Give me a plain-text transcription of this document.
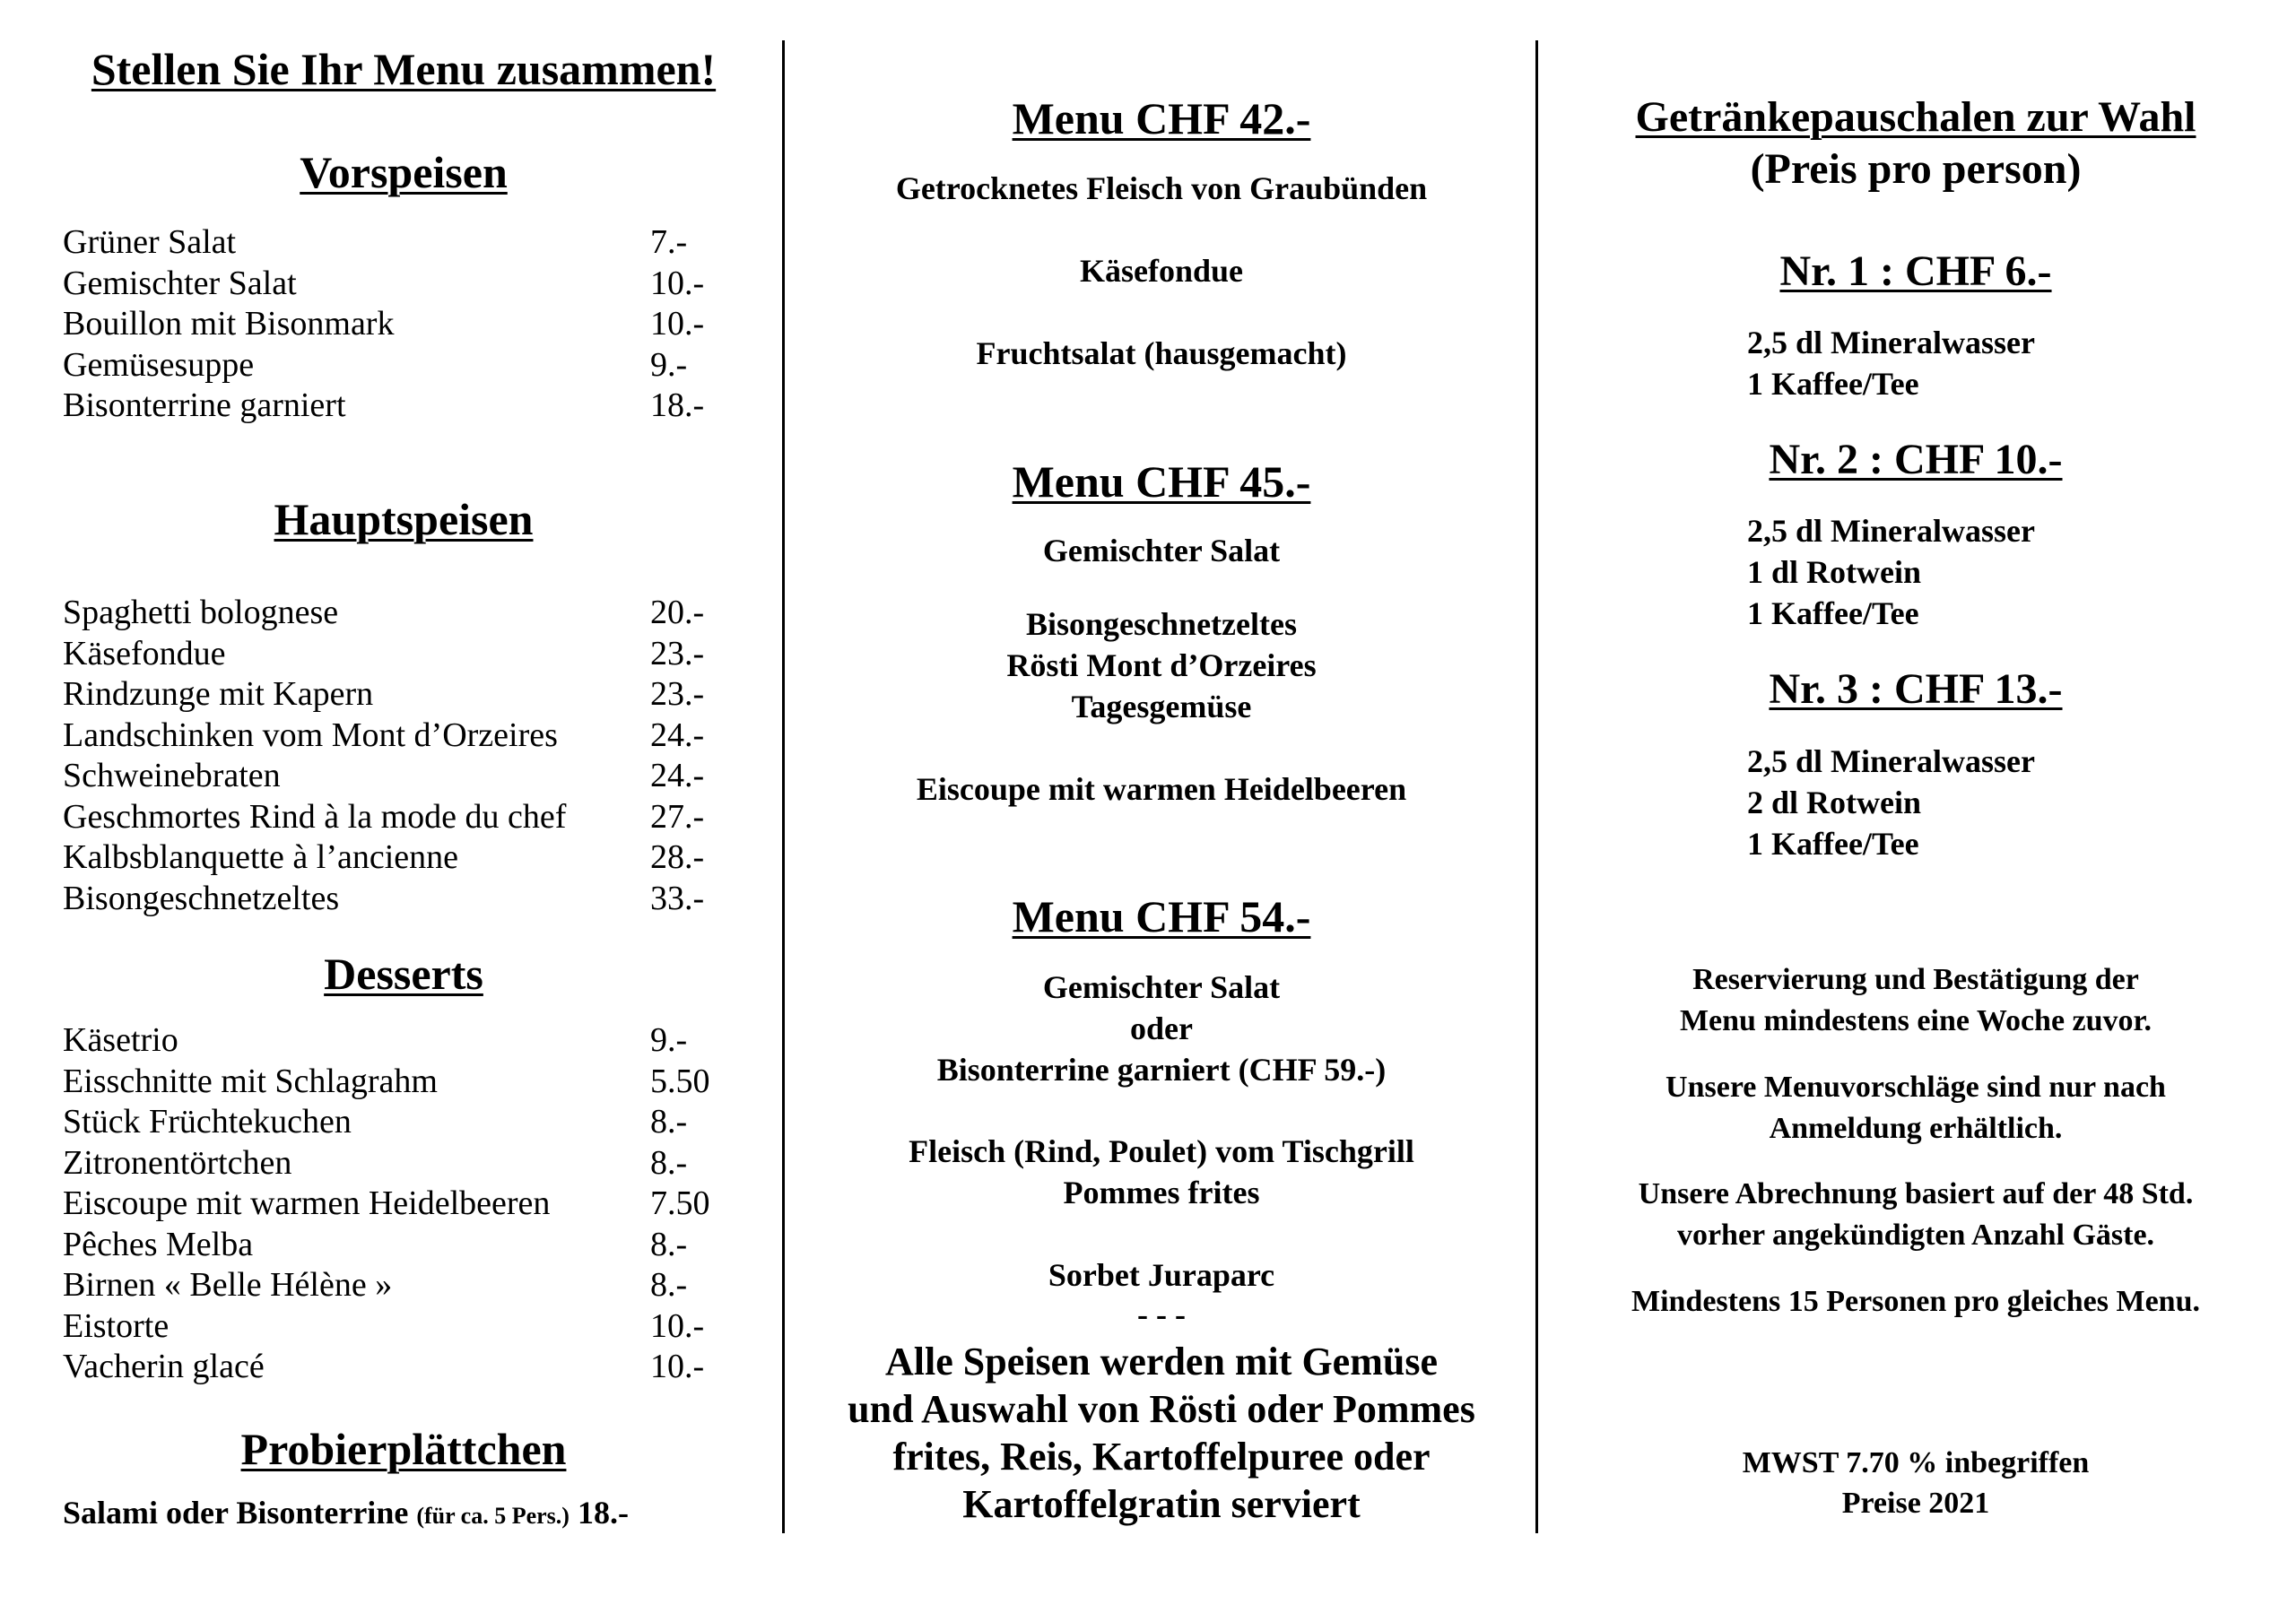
Stellen Sie Ihr Menu zusammen!
Vorspeisen
Grüner Salat	7.-
Gemischter Salat	10.-
Bouillon mit Bisonmark	10.-
Gemüsesuppe	9.-
Bisonterrine garniert	18.-
Hauptspeisen
Spaghetti bolognese	20.-
Käsefondue	23.-
Rindzunge mit Kapern	23.-
Landschinken vom Mont d’Orzeires	24.-
Schweinebraten	24.-
Geschmortes Rind à la mode du chef 27.-
Kalbsblanquette à l’ancienne	28.-
Bisongeschnetzeltes	33.-
Desserts
Käsetrio	9.-
Eisschnitte mit Schlagrahm	5.50
Stück Früchtekuchen	8.-
Zitronentörtchen	8.-
Eiscoupe mit warmen Heidelbeeren	7.50
Pêches Melba	8.-
Birnen « Belle Hélène »	8.-
Eistorte	10.-
Vacherin glacé	10.-
Probierplättchen
Salami oder Bisonterrine (für ca. 5 Pers.) 18.-
Menu CHF 42.-
Getrocknetes Fleisch von Graubünden
Käsefondue
Fruchtsalat (hausgemacht)
Menu CHF 45.-
Gemischter Salat
Bisongeschnetzeltes
Rösti Mont d’Orzeires
Tagesgemüse
Eiscoupe mit warmen Heidelbeeren
Menu CHF 54.-
Gemischter Salat
oder
Bisonterrine garniert (CHF 59.-)
Fleisch (Rind, Poulet) vom Tischgrill
Pommes frites
Sorbet Juraparc
- - -
Alle Speisen werden mit Gemüse
und Auswahl von Rösti oder Pommes
frites, Reis, Kartoffelpuree oder
Kartoffelgratin serviert
Getränkepauschalen zur Wahl
(Preis pro person)
Nr. 1 : CHF 6.-
2,5 dl Mineralwasser
1 Kaffee/Tee
Nr. 2 : CHF 10.-
2,5 dl Mineralwasser
1 dl Rotwein
1 Kaffee/Tee
Nr. 3 : CHF 13.-
2,5 dl Mineralwasser
2 dl Rotwein
1 Kaffee/Tee
Reservierung und Bestätigung der
Menu mindestens eine Woche zuvor.
Unsere Menuvorschläge sind nur nach
Anmeldung erhältlich.
Unsere Abrechnung basiert auf der 48 Std.
vorher angekündigten Anzahl Gäste.
Mindestens 15 Personen pro gleiches Menu.
MWST 7.70 % inbegriffen
Preise 2021
